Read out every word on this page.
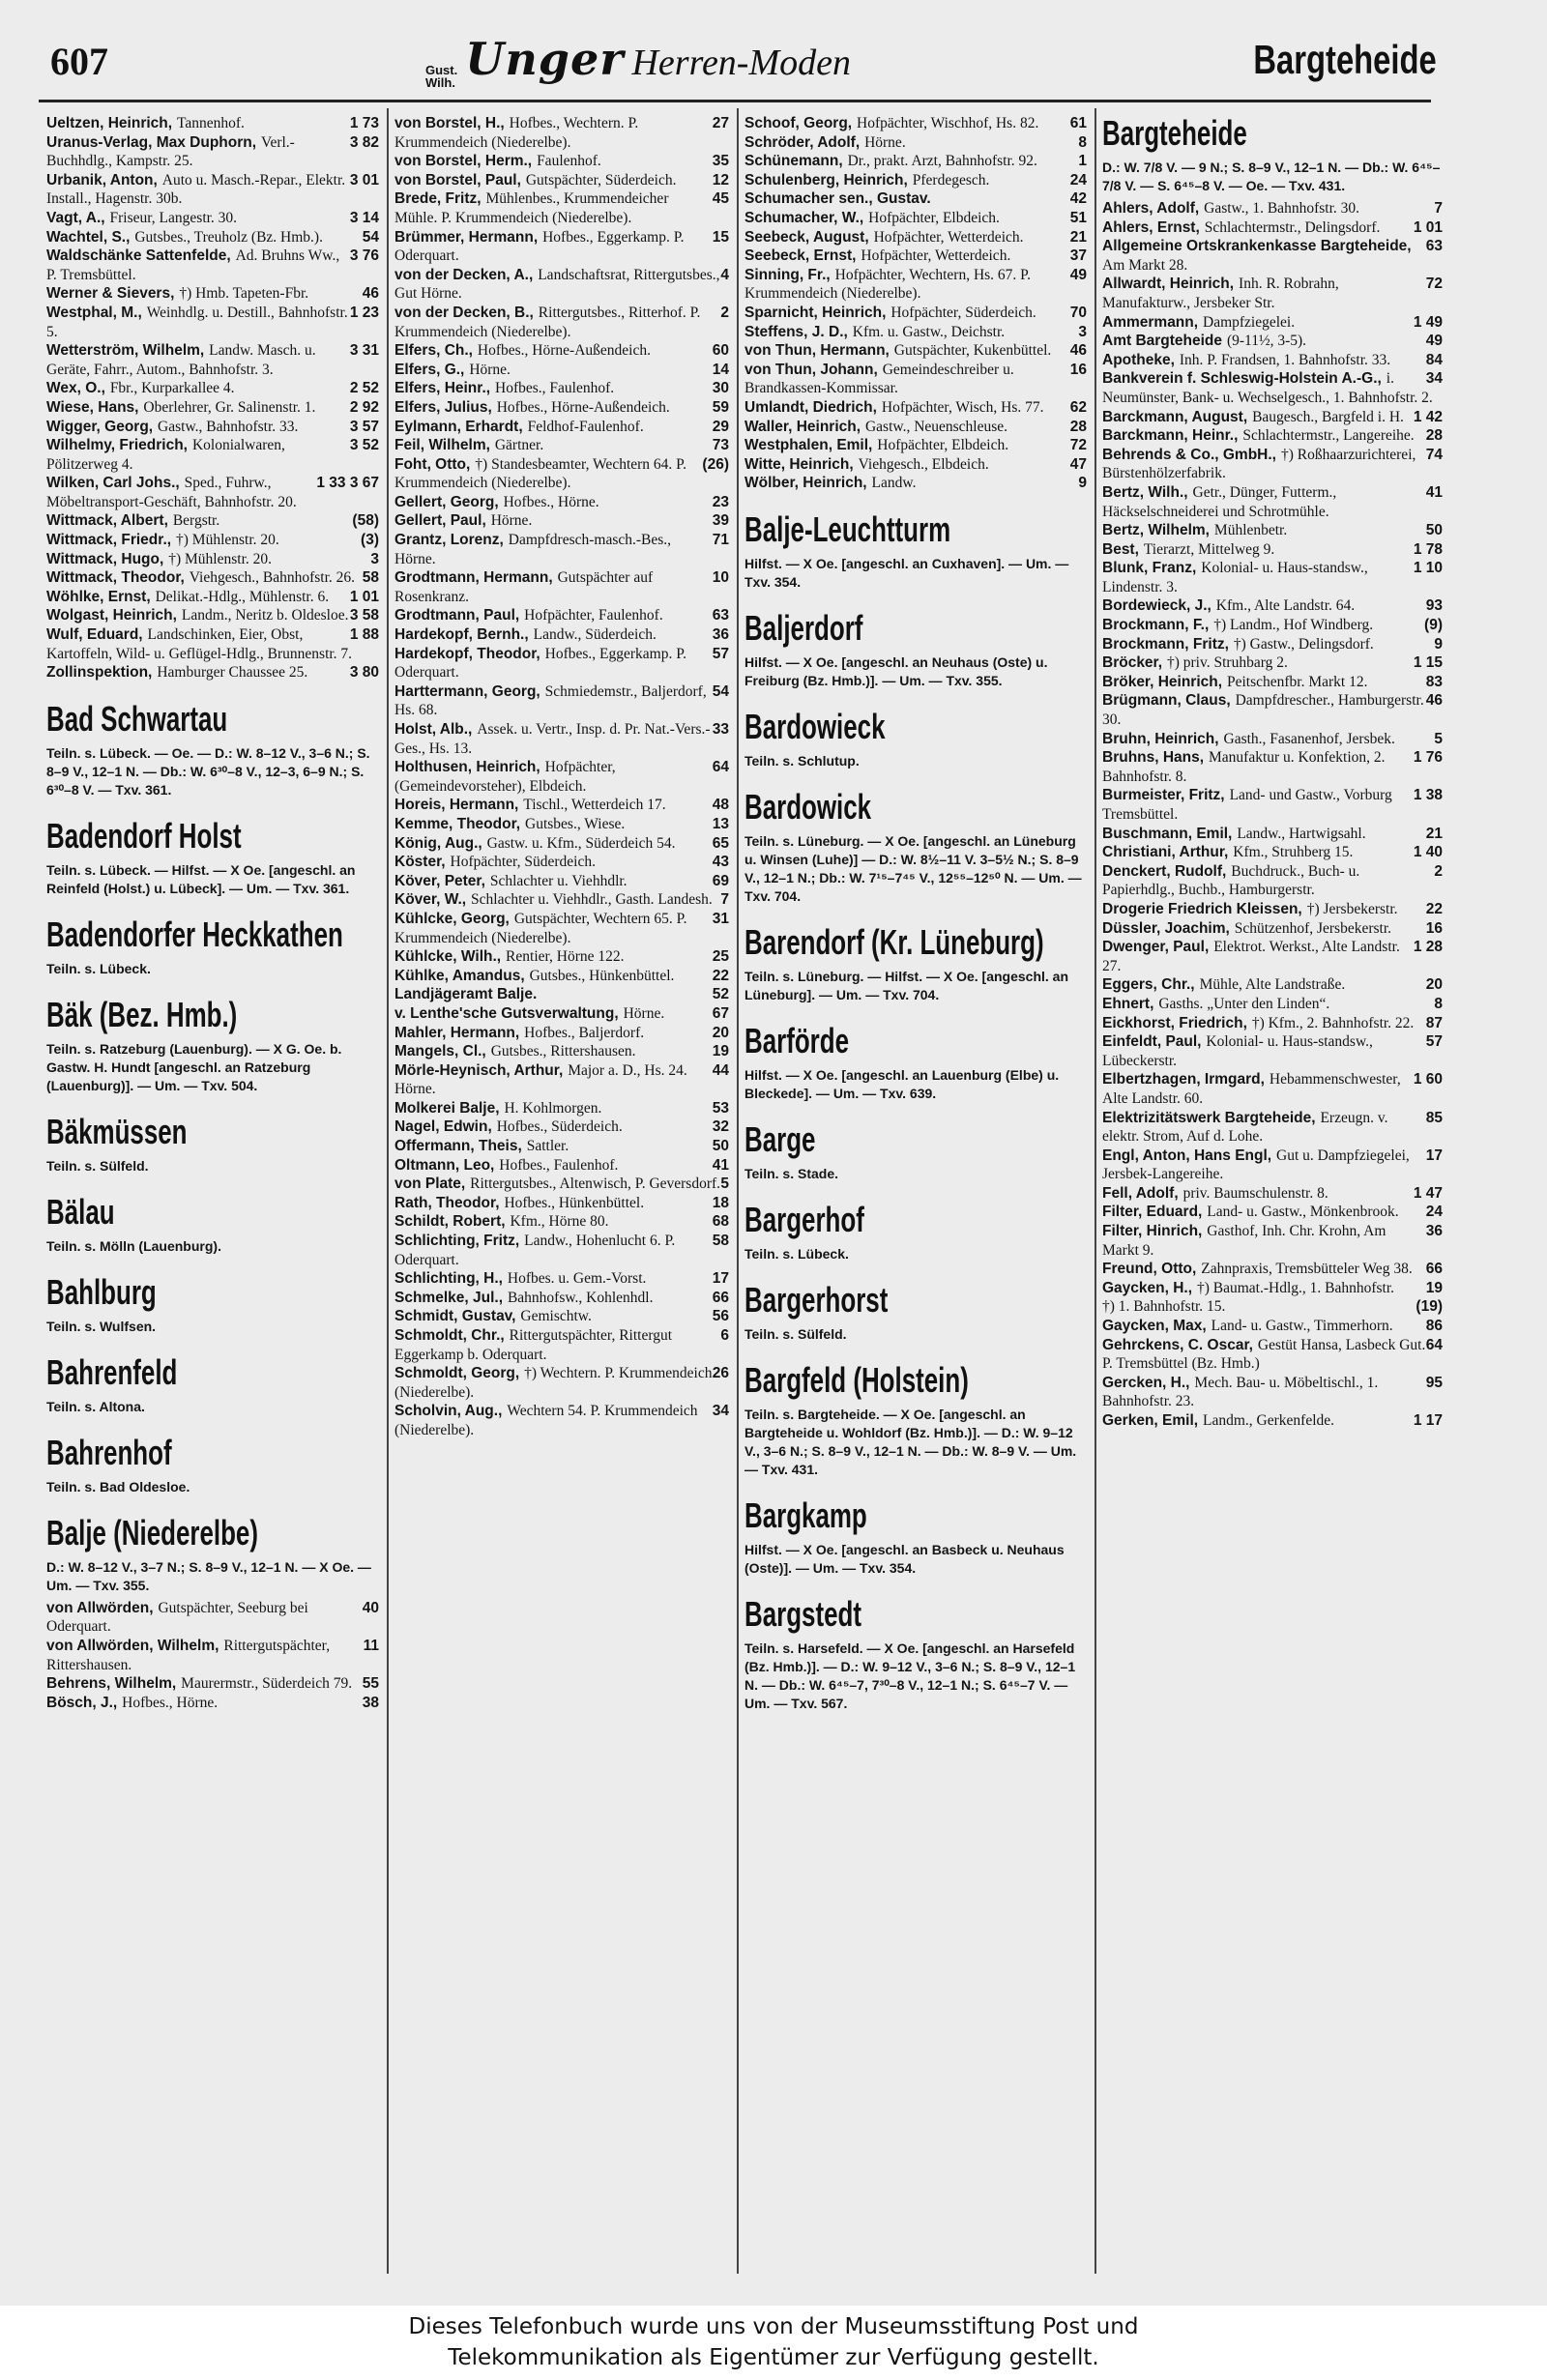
607	Gust.
Wilh. Unger Herren-Moden	Bargteheide
1 73
Ueltzen, Heinrich, Tannenhof.
3 82
Uranus-Verlag, Max Duphorn, Verl.-Buchhdlg., Kampstr. 25.
3 01
Urbanik, Anton, Auto u. Masch.-Repar., Elektr. Install., Hagenstr. 30b.
3 14
Vagt, A., Friseur, Langestr. 30.
54
Wachtel, S., Gutsbes., Treuholz (Bz. Hmb.).
3 76
Waldschänke Sattenfelde, Ad. Bruhns Ww., P. Tremsbüttel.
46
Werner & Sievers, †) Hmb. Tapeten-Fbr.
1 23
Westphal, M., Weinhdlg. u. Destill., Bahnhofstr. 5.
3 31
Wetterström, Wilhelm, Landw. Masch. u. Geräte, Fahrr., Autom., Bahnhofstr. 3.
2 52
Wex, O., Fbr., Kurparkallee 4.
2 92
Wiese, Hans, Oberlehrer, Gr. Salinenstr. 1.
3 57
Wigger, Georg, Gastw., Bahnhofstr. 33.
3 52
Wilhelmy, Friedrich, Kolonialwaren, Pölitzerweg 4.
1 33 3 67
Wilken, Carl Johs., Sped., Fuhrw., Möbeltransport-Geschäft, Bahnhofstr. 20.
(58)
Wittmack, Albert, Bergstr.
(3)
Wittmack, Friedr., †) Mühlenstr. 20.
3
Wittmack, Hugo, †) Mühlenstr. 20.
58
Wittmack, Theodor, Viehgesch., Bahnhofstr. 26.
1 01
Wöhlke, Ernst, Delikat.-Hdlg., Mühlenstr. 6.
3 58
Wolgast, Heinrich, Landm., Neritz b. Oldesloe.
1 88
Wulf, Eduard, Landschinken, Eier, Obst, Kartoffeln, Wild- u. Geflügel-Hdlg., Brunnenstr. 7.
3 80
Zollinspektion, Hamburger Chaussee 25.
Bad Schwartau
Teiln. s. Lübeck. — Oe. — D.: W. 8–12 V., 3–6 N.; S. 8–9 V., 12–1 N. — Db.: W. 6³⁰–8 V., 12–3, 6–9 N.; S. 6³⁰–8 V. — Txv. 361.
Badendorf Holst
Teiln. s. Lübeck. — Hilfst. — X Oe. [angeschl. an Reinfeld (Holst.) u. Lübeck]. — Um. — Txv. 361.
Badendorfer Heckkathen
Teiln. s. Lübeck.
Bäk (Bez. Hmb.)
Teiln. s. Ratzeburg (Lauenburg). — X G. Oe. b. Gastw. H. Hundt [angeschl. an Ratzeburg (Lauenburg)]. — Um. — Txv. 504.
Bäkmüssen
Teiln. s. Sülfeld.
Bälau
Teiln. s. Mölln (Lauenburg).
Bahlburg
Teiln. s. Wulfsen.
Bahrenfeld
Teiln. s. Altona.
Bahrenhof
Teiln. s. Bad Oldesloe.
Balje (Niederelbe)
D.: W. 8–12 V., 3–7 N.; S. 8–9 V., 12–1 N. — X Oe. — Um. — Txv. 355.
40
von Allwörden, Gutspächter, Seeburg bei Oderquart.
11
von Allwörden, Wilhelm, Rittergutspächter, Rittershausen.
55
Behrens, Wilhelm, Maurermstr., Süderdeich 79.
38
Bösch, J., Hofbes., Hörne.
27
von Borstel, H., Hofbes., Wechtern. P. Krummendeich (Niederelbe).
35
von Borstel, Herm., Faulenhof.
12
von Borstel, Paul, Gutspächter, Süderdeich.
45
Brede, Fritz, Mühlenbes., Krummendeicher Mühle. P. Krummendeich (Niederelbe).
15
Brümmer, Hermann, Hofbes., Eggerkamp. P. Oderquart.
4
von der Decken, A., Landschaftsrat, Rittergutsbes., Gut Hörne.
2
von der Decken, B., Rittergutsbes., Ritterhof. P. Krummendeich (Niederelbe).
60
Elfers, Ch., Hofbes., Hörne-Außendeich.
14
Elfers, G., Hörne.
30
Elfers, Heinr., Hofbes., Faulenhof.
59
Elfers, Julius, Hofbes., Hörne-Außendeich.
29
Eylmann, Erhardt, Feldhof-Faulenhof.
73
Feil, Wilhelm, Gärtner.
(26)
Foht, Otto, †) Standesbeamter, Wechtern 64. P. Krummendeich (Niederelbe).
23
Gellert, Georg, Hofbes., Hörne.
39
Gellert, Paul, Hörne.
71
Grantz, Lorenz, Dampfdresch-masch.-Bes., Hörne.
10
Grodtmann, Hermann, Gutspächter auf Rosenkranz.
63
Grodtmann, Paul, Hofpächter, Faulenhof.
36
Hardekopf, Bernh., Landw., Süderdeich.
57
Hardekopf, Theodor, Hofbes., Eggerkamp. P. Oderquart.
54
Harttermann, Georg, Schmiedemstr., Baljerdorf, Hs. 68.
33
Holst, Alb., Assek. u. Vertr., Insp. d. Pr. Nat.-Vers.-Ges., Hs. 13.
64
Holthusen, Heinrich, Hofpächter, (Gemeindevorsteher), Elbdeich.
48
Horeis, Hermann, Tischl., Wetterdeich 17.
13
Kemme, Theodor, Gutsbes., Wiese.
65
König, Aug., Gastw. u. Kfm., Süderdeich 54.
43
Köster, Hofpächter, Süderdeich.
69
Köver, Peter, Schlachter u. Viehhdlr.
7
Köver, W., Schlachter u. Viehhdlr., Gasth. Landesh.
31
Kühlcke, Georg, Gutspächter, Wechtern 65. P. Krummendeich (Niederelbe).
25
Kühlcke, Wilh., Rentier, Hörne 122.
22
Kühlke, Amandus, Gutsbes., Hünkenbüttel.
52
Landjägeramt Balje.
67
v. Lenthe'sche Gutsverwaltung, Hörne.
20
Mahler, Hermann, Hofbes., Baljerdorf.
19
Mangels, Cl., Gutsbes., Rittershausen.
44
Mörle-Heynisch, Arthur, Major a. D., Hs. 24. Hörne.
53
Molkerei Balje, H. Kohlmorgen.
32
Nagel, Edwin, Hofbes., Süderdeich.
50
Offermann, Theis, Sattler.
41
Oltmann, Leo, Hofbes., Faulenhof.
5
von Plate, Rittergutsbes., Altenwisch, P. Geversdorf.
18
Rath, Theodor, Hofbes., Hünkenbüttel.
68
Schildt, Robert, Kfm., Hörne 80.
58
Schlichting, Fritz, Landw., Hohenlucht 6. P. Oderquart.
17
Schlichting, H., Hofbes. u. Gem.-Vorst.
66
Schmelke, Jul., Bahnhofsw., Kohlenhdl.
56
Schmidt, Gustav, Gemischtw.
6
Schmoldt, Chr., Rittergutspächter, Rittergut Eggerkamp b. Oderquart.
26
Schmoldt, Georg, †) Wechtern. P. Krummendeich (Niederelbe).
34
Scholvin, Aug., Wechtern 54. P. Krummendeich (Niederelbe).
61
Schoof, Georg, Hofpächter, Wischhof, Hs. 82.
8
Schröder, Adolf, Hörne.
1
Schünemann, Dr., prakt. Arzt, Bahnhofstr. 92.
24
Schulenberg, Heinrich, Pferdegesch.
42
Schumacher sen., Gustav.
51
Schumacher, W., Hofpächter, Elbdeich.
21
Seebeck, August, Hofpächter, Wetterdeich.
37
Seebeck, Ernst, Hofpächter, Wetterdeich.
49
Sinning, Fr., Hofpächter, Wechtern, Hs. 67. P. Krummendeich (Niederelbe).
70
Sparnicht, Heinrich, Hofpächter, Süderdeich.
3
Steffens, J. D., Kfm. u. Gastw., Deichstr.
46
von Thun, Hermann, Gutspächter, Kukenbüttel.
16
von Thun, Johann, Gemeindeschreiber u. Brandkassen-Kommissar.
62
Umlandt, Diedrich, Hofpächter, Wisch, Hs. 77.
28
Waller, Heinrich, Gastw., Neuenschleuse.
72
Westphalen, Emil, Hofpächter, Elbdeich.
47
Witte, Heinrich, Viehgesch., Elbdeich.
9
Wölber, Heinrich, Landw.
Balje-Leuchtturm
Hilfst. — X Oe. [angeschl. an Cuxhaven]. — Um. — Txv. 354.
Baljerdorf
Hilfst. — X Oe. [angeschl. an Neuhaus (Oste) u. Freiburg (Bz. Hmb.)]. — Um. — Txv. 355.
Bardowieck
Teiln. s. Schlutup.
Bardowick
Teiln. s. Lüneburg. — X Oe. [angeschl. an Lüneburg u. Winsen (Luhe)] — D.: W. 8½–11 V. 3–5½ N.; S. 8–9 V., 12–1 N.; Db.: W. 7¹⁵–7⁴⁵ V., 12⁵⁵–12⁵⁰ N. — Um. — Txv. 704.
Barendorf (Kr. Lüneburg)
Teiln. s. Lüneburg. — Hilfst. — X Oe. [angeschl. an Lüneburg]. — Um. — Txv. 704.
Barförde
Hilfst. — X Oe. [angeschl. an Lauenburg (Elbe) u. Bleckede]. — Um. — Txv. 639.
Barge
Teiln. s. Stade.
Bargerhof
Teiln. s. Lübeck.
Bargerhorst
Teiln. s. Sülfeld.
Bargfeld (Holstein)
Teiln. s. Bargteheide. — X Oe. [angeschl. an Bargteheide u. Wohldorf (Bz. Hmb.)]. — D.: W. 9–12 V., 3–6 N.; S. 8–9 V., 12–1 N. — Db.: W. 8–9 V. — Um. — Txv. 431.
Bargkamp
Hilfst. — X Oe. [angeschl. an Basbeck u. Neuhaus (Oste)]. — Um. — Txv. 354.
Bargstedt
Teiln. s. Harsefeld. — X Oe. [angeschl. an Harsefeld (Bz. Hmb.)]. — D.: W. 9–12 V., 3–6 N.; S. 8–9 V., 12–1 N. — Db.: W. 6⁴⁵–7, 7³⁰–8 V., 12–1 N.; S. 6⁴⁵–7 V. — Um. — Txv. 567.
Bargteheide
D.: W. 7/8 V. — 9 N.; S. 8–9 V., 12–1 N. — Db.: W. 6⁴⁵–7/8 V. — S. 6⁴⁵–8 V. — Oe. — Txv. 431.
7
Ahlers, Adolf, Gastw., 1. Bahnhofstr. 30.
1 01
Ahlers, Ernst, Schlachtermstr., Delingsdorf.
63
Allgemeine Ortskrankenkasse Bargteheide, Am Markt 28.
72
Allwardt, Heinrich, Inh. R. Robrahn, Manufakturw., Jersbeker Str.
1 49
Ammermann, Dampfziegelei.
49
Amt Bargteheide (9-11½, 3-5).
84
Apotheke, Inh. P. Frandsen, 1. Bahnhofstr. 33.
34
Bankverein f. Schleswig-Holstein A.-G., i. Neumünster, Bank- u. Wechselgesch., 1. Bahnhofstr. 2.
1 42
Barckmann, August, Baugesch., Bargfeld i. H.
28
Barckmann, Heinr., Schlachtermstr., Langereihe.
74
Behrends & Co., GmbH., †) Roßhaarzurichterei, Bürstenhölzerfabrik.
41
Bertz, Wilh., Getr., Dünger, Futterm., Häckselschneiderei und Schrotmühle.
50
Bertz, Wilhelm, Mühlenbetr.
1 78
Best, Tierarzt, Mittelweg 9.
1 10
Blunk, Franz, Kolonial- u. Haus-standsw., Lindenstr. 3.
93
Bordewieck, J., Kfm., Alte Landstr. 64.
(9)
Brockmann, F., †) Landm., Hof Windberg.
9
Brockmann, Fritz, †) Gastw., Delingsdorf.
1 15
Bröcker, †) priv. Struhbarg 2.
83
Bröker, Heinrich, Peitschenfbr. Markt 12.
46
Brügmann, Claus, Dampfdrescher., Hamburgerstr. 30.
5
Bruhn, Heinrich, Gasth., Fasanenhof, Jersbek.
1 76
Bruhns, Hans, Manufaktur u. Konfektion, 2. Bahnhofstr. 8.
1 38
Burmeister, Fritz, Land- und Gastw., Vorburg Tremsbüttel.
21
Buschmann, Emil, Landw., Hartwigsahl.
1 40
Christiani, Arthur, Kfm., Struhberg 15.
2
Denckert, Rudolf, Buchdruck., Buch- u. Papierhdlg., Buchb., Hamburgerstr.
22
Drogerie Friedrich Kleissen, †) Jersbekerstr.
16
Düssler, Joachim, Schützenhof, Jersbekerstr.
1 28
Dwenger, Paul, Elektrot. Werkst., Alte Landstr. 27.
20
Eggers, Chr., Mühle, Alte Landstraße.
8
Ehnert, Gasths. „Unter den Linden“.
87
Eickhorst, Friedrich, †) Kfm., 2. Bahnhofstr. 22.
57
Einfeldt, Paul, Kolonial- u. Haus-standsw., Lübeckerstr.
1 60
Elbertzhagen, Irmgard, Hebammenschwester, Alte Landstr. 60.
85
Elektrizitätswerk Bargteheide, Erzeugn. v. elektr. Strom, Auf d. Lohe.
17
Engl, Anton, Hans Engl, Gut u. Dampfziegelei, Jersbek-Langereihe.
1 47
Fell, Adolf, priv. Baumschulenstr. 8.
24
Filter, Eduard, Land- u. Gastw., Mönkenbrook.
36
Filter, Hinrich, Gasthof, Inh. Chr. Krohn, Am Markt 9.
66
Freund, Otto, Zahnpraxis, Tremsbütteler Weg 38.
19
Gaycken, H., †) Baumat.-Hdlg., 1. Bahnhofstr.
(19)
†) 1. Bahnhofstr. 15.
86
Gaycken, Max, Land- u. Gastw., Timmerhorn.
64
Gehrckens, C. Oscar, Gestüt Hansa, Lasbeck Gut. P. Tremsbüttel (Bz. Hmb.)
95
Gercken, H., Mech. Bau- u. Möbeltischl., 1. Bahnhofstr. 23.
1 17
Gerken, Emil, Landm., Gerkenfelde.
Dieses Telefonbuch wurde uns von der Museumsstiftung Post und
Telekommunikation als Eigentümer zur Verfügung gestellt.
